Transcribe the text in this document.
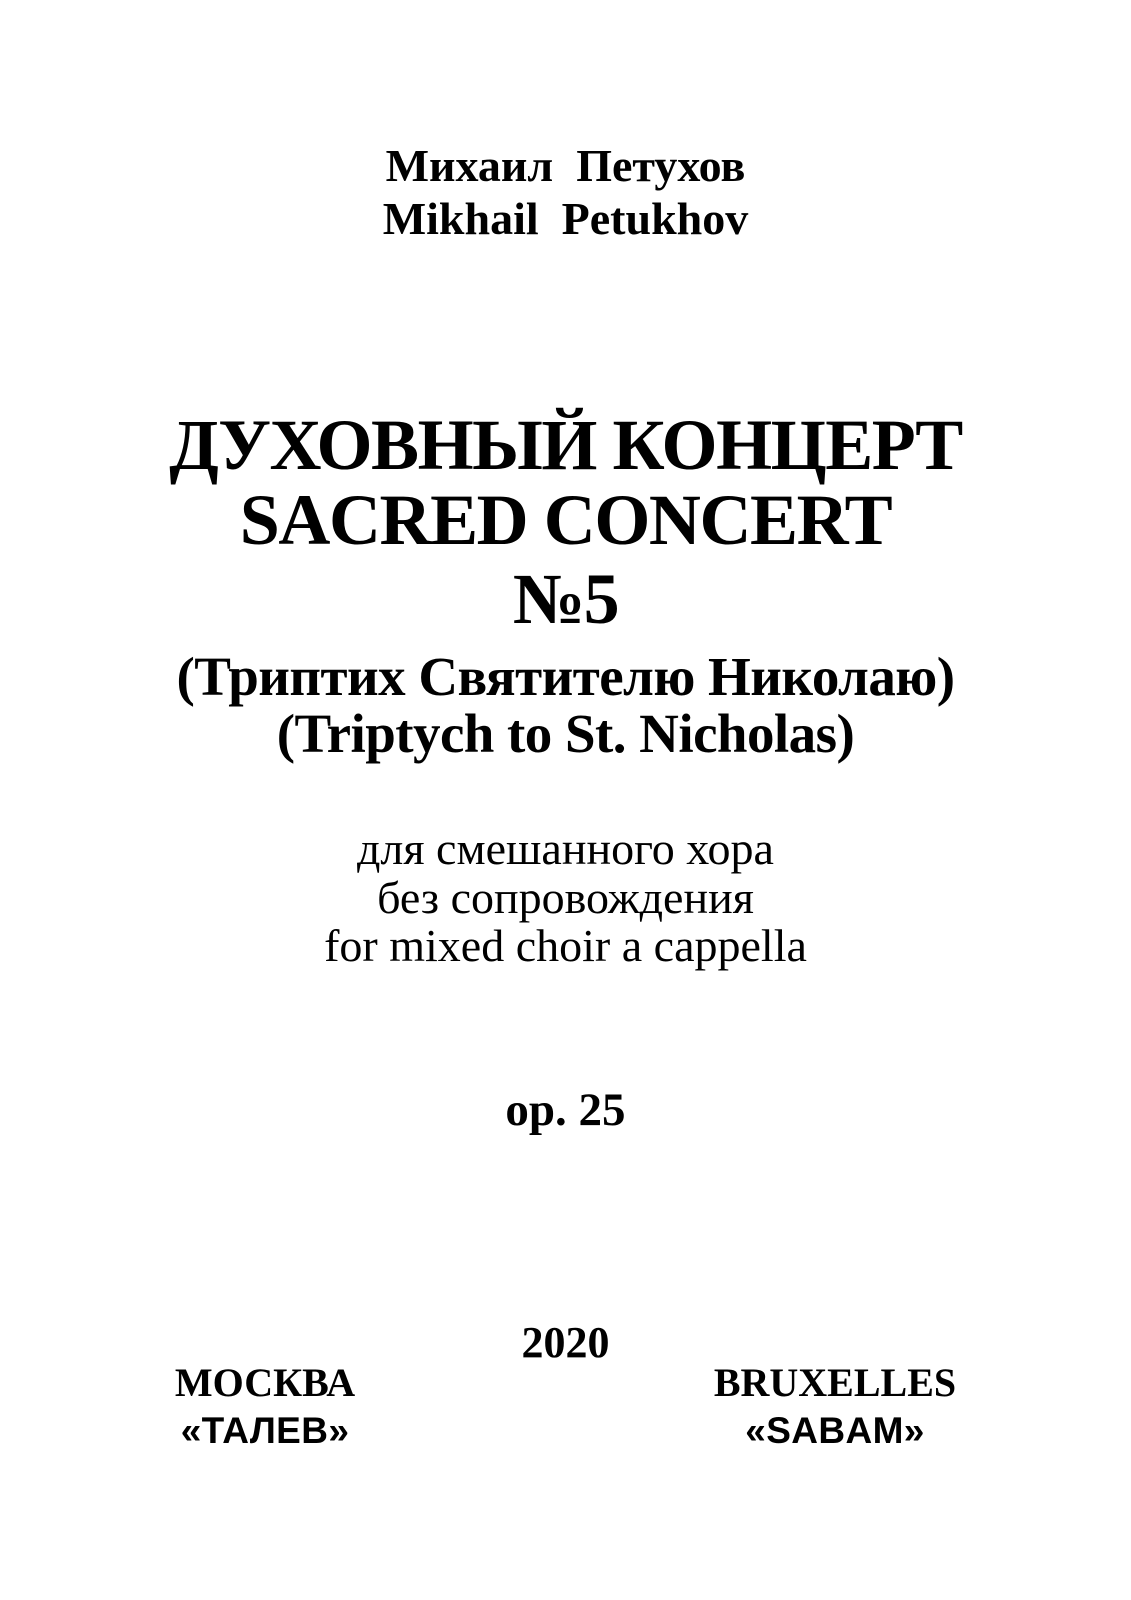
Михаил  Петухов
Mikhail  Petukhov
ДУХОВНЫЙ КОНЦЕРТ
SACRED CONCERT
№5
(Триптих Святителю Николаю)
(Triptych to St. Nicholas)
для смешанного хора
без сопровождения
for mixed choir a cappella
op. 25
2020
МОСКВА	BRUXELLES
«ТАЛЕВ»	«SABAM»
